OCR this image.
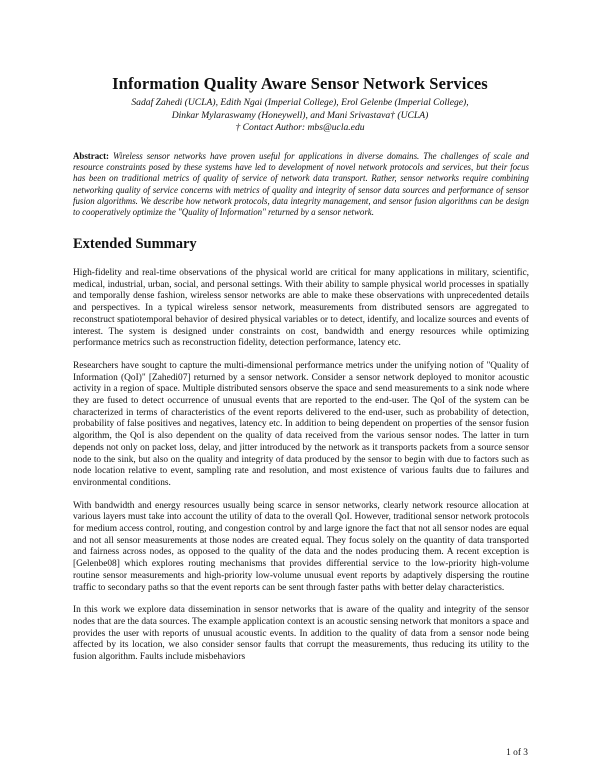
Information Quality Aware Sensor Network Services
Sadaf Zahedi (UCLA), Edith Ngai (Imperial College), Erol Gelenbe (Imperial College),
Dinkar Mylaraswamy (Honeywell), and Mani Srivastava† (UCLA)
† Contact Author: mbs@ucla.edu
Abstract: Wireless sensor networks have proven useful for applications in diverse domains. The challenges of scale and resource constraints posed by these systems have led to development of novel network protocols and services, but their focus has been on traditional metrics of quality of service of network data transport. Rather, sensor networks require combining networking quality of service concerns with metrics of quality and integrity of sensor data sources and performance of sensor fusion algorithms. We describe how network protocols, data integrity management, and sensor fusion algorithms can be design to cooperatively optimize the "Quality of Information" returned by a sensor network.
Extended Summary

High-fidelity and real-time observations of the physical world are critical for many applications in military, scientific, medical, industrial, urban, social, and personal settings. With their ability to sample physical world processes in spatially and temporally dense fashion, wireless sensor networks are able to make these observations with unprecedented details and perspectives. In a typical wireless sensor network, measurements from distributed sensors are aggregated to reconstruct spatiotemporal behavior of desired physical variables or to detect, identify, and localize sources and events of interest. The system is designed under constraints on cost, bandwidth and energy resources while optimizing performance metrics such as reconstruction fidelity, detection performance, latency etc.

Researchers have sought to capture the multi-dimensional performance metrics under the unifying notion of "Quality of Information (QoI)" [Zahedi07] returned by a sensor network. Consider a sensor network deployed to monitor acoustic activity in a region of space. Multiple distributed sensors observe the space and send measurements to a sink node where they are fused to detect occurrence of unusual events that are reported to the end-user. The QoI of the system can be characterized in terms of characteristics of the event reports delivered to the end-user, such as probability of detection, probability of false positives and negatives, latency etc. In addition to being dependent on properties of the sensor fusion algorithm, the QoI is also dependent on the quality of data received from the various sensor nodes. The latter in turn depends not only on packet loss, delay, and jitter introduced by the network as it transports packets from a source sensor node to the sink, but also on the quality and integrity of data produced by the sensor to begin with due to factors such as node location relative to event, sampling rate and resolution, and most existence of various faults due to failures and environmental conditions.

With bandwidth and energy resources usually being scarce in sensor networks, clearly network resource allocation at various layers must take into account the utility of data to the overall QoI. However, traditional sensor network protocols for medium access control, routing, and congestion control by and large ignore the fact that not all sensor nodes are equal and not all sensor measurements at those nodes are created equal. They focus solely on the quantity of data transported and fairness across nodes, as opposed to the quality of the data and the nodes producing them. A recent exception is [Gelenbe08] which explores routing mechanisms that provides differential service to the low-priority high-volume routine sensor measurements and high-priority low-volume unusual event reports by adaptively dispersing the routine traffic to secondary paths so that the event reports can be sent through faster paths with better delay characteristics.

In this work we explore data dissemination in sensor networks that is aware of the quality and integrity of the sensor nodes that are the data sources. The example application context is an acoustic sensing network that monitors a space and provides the user with reports of unusual acoustic events. In addition to the quality of data from a sensor node being affected by its location, we also consider sensor faults that corrupt the measurements, thus reducing its utility to the fusion algorithm. Faults include misbehaviors

1 of 3
